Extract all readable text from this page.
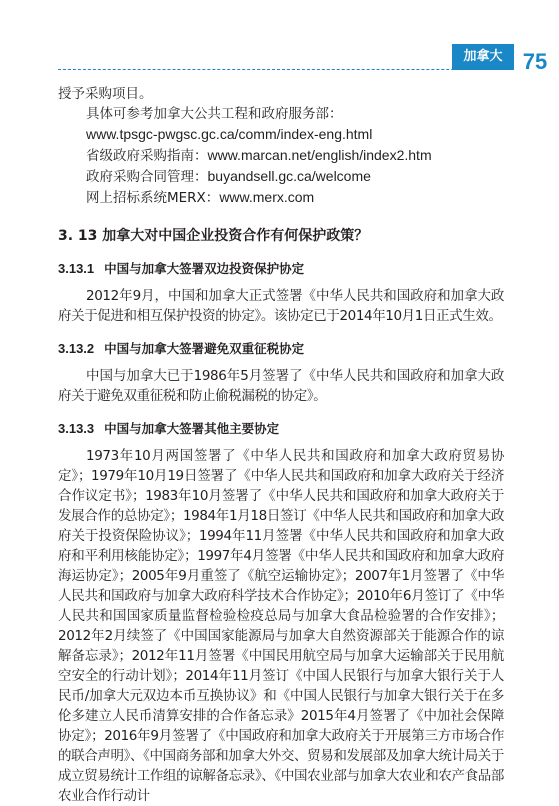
加拿大 75

授予采购项目。

具体可参考加拿大公共工程和政府服务部：

www.tpsgc-pwgsc.gc.ca/comm/index-eng.html

省级政府采购指南：www.marcan.net/english/index2.htm

政府采购合同管理：buyandsell.gc.ca/welcome

网上招标系统MERX：www.merx.com

3. 13 加拿大对中国企业投资合作有何保护政策？
3.13.1 中国与加拿大签署双边投资保护协定

2012年9月，中国和加拿大正式签署《中华人民共和国政府和加拿大政府关于促进和相互保护投资的协定》。该协定已于2014年10月1日正式生效。

3.13.2 中国与加拿大签署避免双重征税协定

中国与加拿大已于1986年5月签署了《中华人民共和国政府和加拿大政府关于避免双重征税和防止偷税漏税的协定》。

3.13.3 中国与加拿大签署其他主要协定

1973年10月两国签署了《中华人民共和国政府和加拿大政府贸易协定》；1979年10月19日签署了《中华人民共和国政府和加拿大政府关于经济合作议定书》；1983年10月签署了《中华人民共和国政府和加拿大政府关于发展合作的总协定》；1984年1月18日签订《中华人民共和国政府和加拿大政府关于投资保险协议》；1994年11月签署《中华人民共和国政府和加拿大政府和平利用核能协定》；1997年4月签署《中华人民共和国政府和加拿大政府海运协定》；2005年9月重签了《航空运输协定》；2007年1月签署了《中华人民共和国政府与加拿大政府科学技术合作协定》；2010年6月签订了《中华人民共和国国家质量监督检验检疫总局与加拿大食品检验署的合作安排》；2012年2月续签了《中国国家能源局与加拿大自然资源部关于能源合作的谅解备忘录》；2012年11月签署《中国民用航空局与加拿大运输部关于民用航空安全的行动计划》；2014年11月签订《中国人民银行与加拿大银行关于人民币/加拿大元双边本币互换协议》和《中国人民银行与加拿大银行关于在多伦多建立人民币清算安排的合作备忘录》2015年4月签署了《中加社会保障协定》；2016年9月签署了《中国政府和加拿大政府关于开展第三方市场合作的联合声明》、《中国商务部和加拿大外交、贸易和发展部及加拿大统计局关于成立贸易统计工作组的谅解备忘录》、《中国农业部与加拿大农业和农产食品部农业合作行动计
